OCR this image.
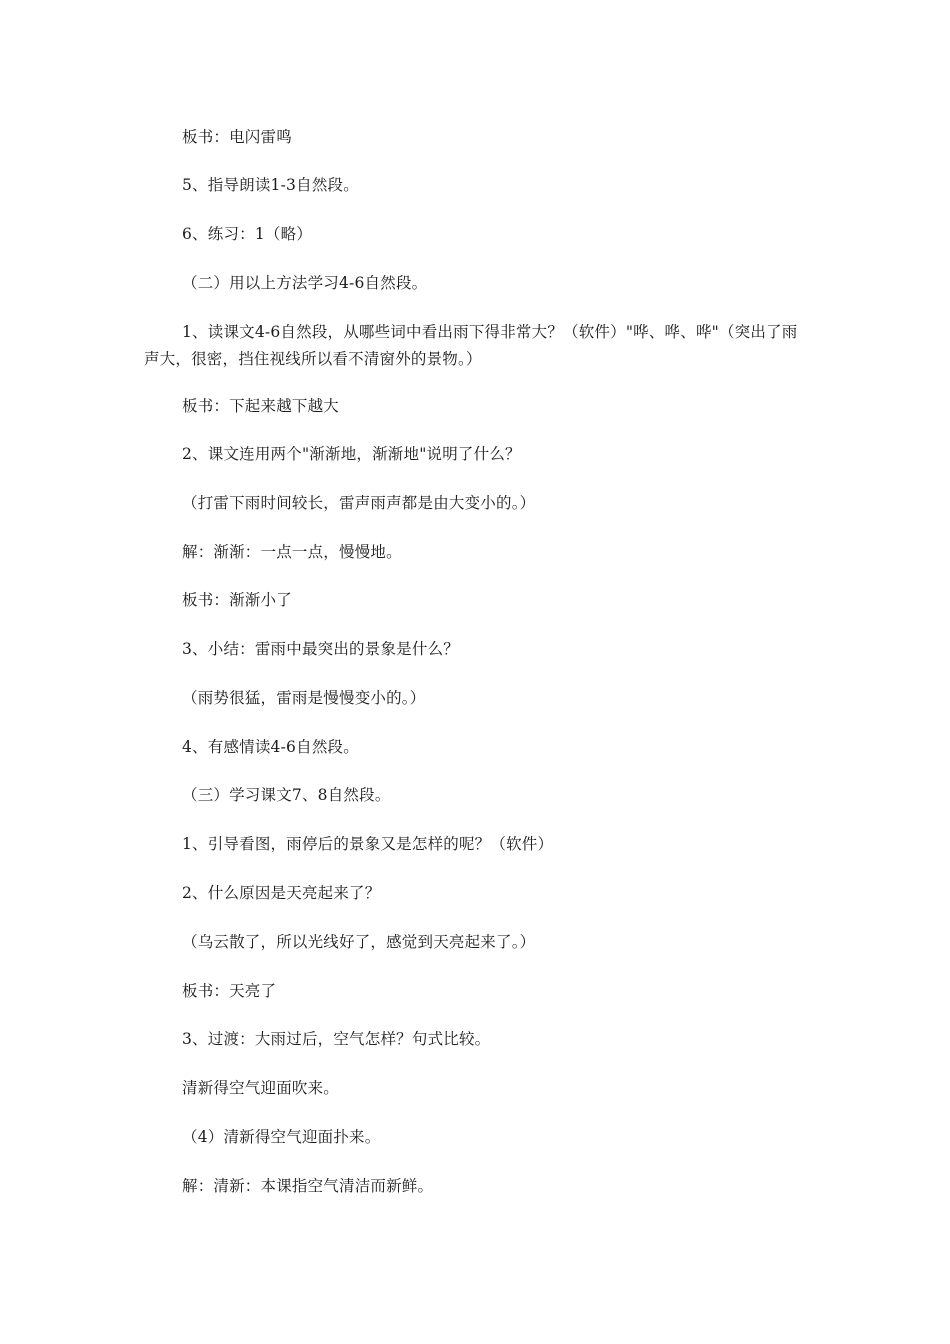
板书：电闪雷鸣

5、指导朗读1-3自然段。

6、练习：1（略）

（二）用以上方法学习4-6自然段。

1、读课文4-6自然段，从哪些词中看出雨下得非常大？（软件）"哗、哗、哗"（突出了雨声大，很密，挡住视线所以看不清窗外的景物。）

板书：下起来越下越大

2、课文连用两个"渐渐地，渐渐地"说明了什么？

（打雷下雨时间较长，雷声雨声都是由大变小的。）

解：渐渐：一点一点，慢慢地。

板书：渐渐小了

3、小结：雷雨中最突出的景象是什么？

（雨势很猛，雷雨是慢慢变小的。）

4、有感情读4-6自然段。

（三）学习课文7、8自然段。

1、引导看图，雨停后的景象又是怎样的呢？（软件）

2、什么原因是天亮起来了？

（乌云散了，所以光线好了，感觉到天亮起来了。）

板书：天亮了

3、过渡：大雨过后，空气怎样？句式比较。

清新得空气迎面吹来。

（4）清新得空气迎面扑来。

解：清新：本课指空气清洁而新鲜。
